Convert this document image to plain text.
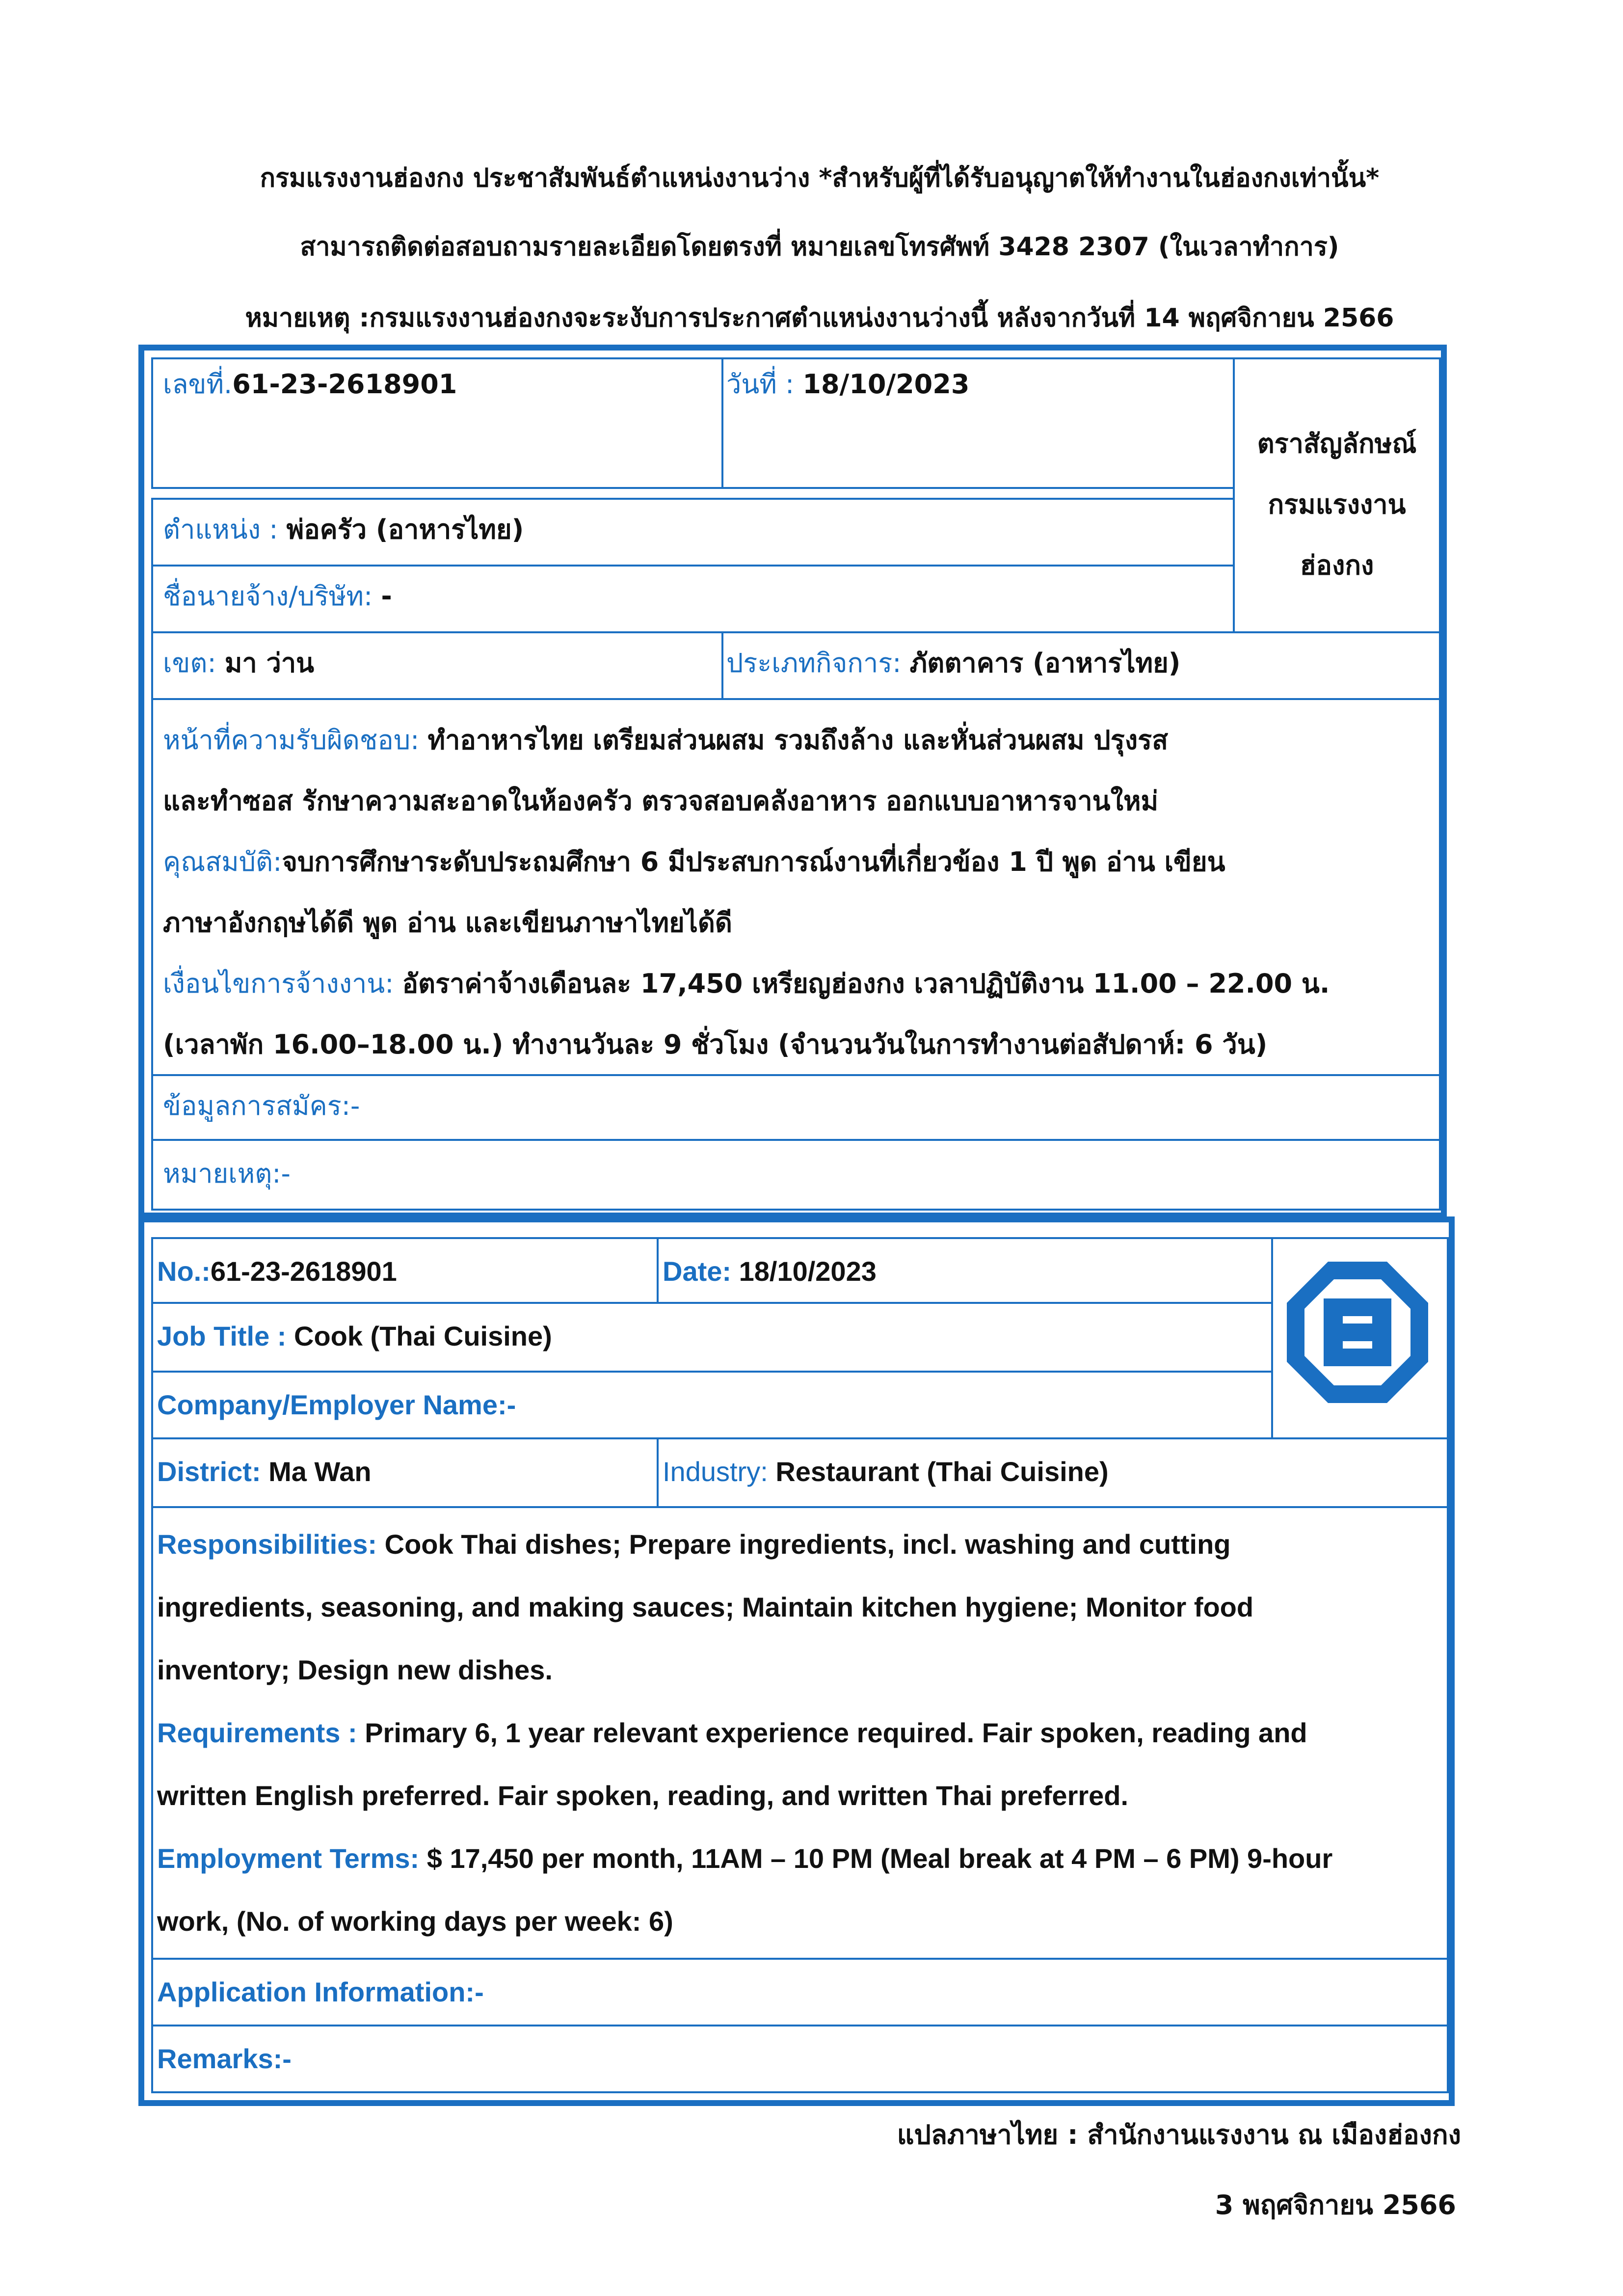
กรมแรงงานฮ่องกง ประชาสัมพันธ์ตำแหน่งงานว่าง *สำหรับผู้ที่ได้รับอนุญาตให้ทำงานในฮ่องกงเท่านั้น*
สามารถติดต่อสอบถามรายละเอียดโดยตรงที่ หมายเลขโทรศัพท์ 3428 2307 (ในเวลาทำการ)
หมายเหตุ :กรมแรงงานฮ่องกงจะระงับการประกาศตำแหน่งงานว่างนี้ หลังจากวันที่ 14 พฤศจิกายน 2566
เลขที่.61-23-2618901	วันที่ : 18/10/2023
ตราสัญลักษณ์
กรมแรงงาน
ฮ่องกง
ตำแหน่ง : พ่อครัว (อาหารไทย)
ชื่อนายจ้าง/บริษัท: -
เขต: มา ว่าน	ประเภทกิจการ: ภัตตาคาร (อาหารไทย)
หน้าที่ความรับผิดชอบ: ทำอาหารไทย เตรียมส่วนผสม รวมถึงล้าง และหั่นส่วนผสม ปรุงรส
และทำซอส รักษาความสะอาดในห้องครัว ตรวจสอบคลังอาหาร ออกแบบอาหารจานใหม่
คุณสมบัติ:จบการศึกษาระดับประถมศึกษา 6 มีประสบการณ์งานที่เกี่ยวข้อง 1 ปี พูด อ่าน เขียน
ภาษาอังกฤษได้ดี พูด อ่าน และเขียนภาษาไทยได้ดี
เงื่อนไขการจ้างงาน: อัตราค่าจ้างเดือนละ 17,450 เหรียญฮ่องกง เวลาปฏิบัติงาน 11.00 – 22.00 น.
(เวลาพัก 16.00–18.00 น.) ทำงานวันละ 9 ชั่วโมง (จำนวนวันในการทำงานต่อสัปดาห์: 6 วัน)
ข้อมูลการสมัคร:-
หมายเหตุ:-
No.:61-23-2618901	Date: 18/10/2023
Job Title : Cook (Thai Cuisine)
Company/Employer Name:-
District: Ma Wan	Industry: Restaurant (Thai Cuisine)
Responsibilities: Cook Thai dishes; Prepare ingredients, incl. washing and cutting
ingredients, seasoning, and making sauces; Maintain kitchen hygiene; Monitor food
inventory; Design new dishes.
Requirements : Primary 6, 1 year relevant experience required. Fair spoken, reading and
written English preferred. Fair spoken, reading, and written Thai preferred.
Employment Terms: $ 17,450 per month, 11AM – 10 PM (Meal break at 4 PM – 6 PM) 9-hour
work, (No. of working days per week: 6)
Application Information:-
Remarks:-
แปลภาษาไทย : สำนักงานแรงงาน ณ เมืองฮ่องกง
3 พฤศจิกายน 2566
